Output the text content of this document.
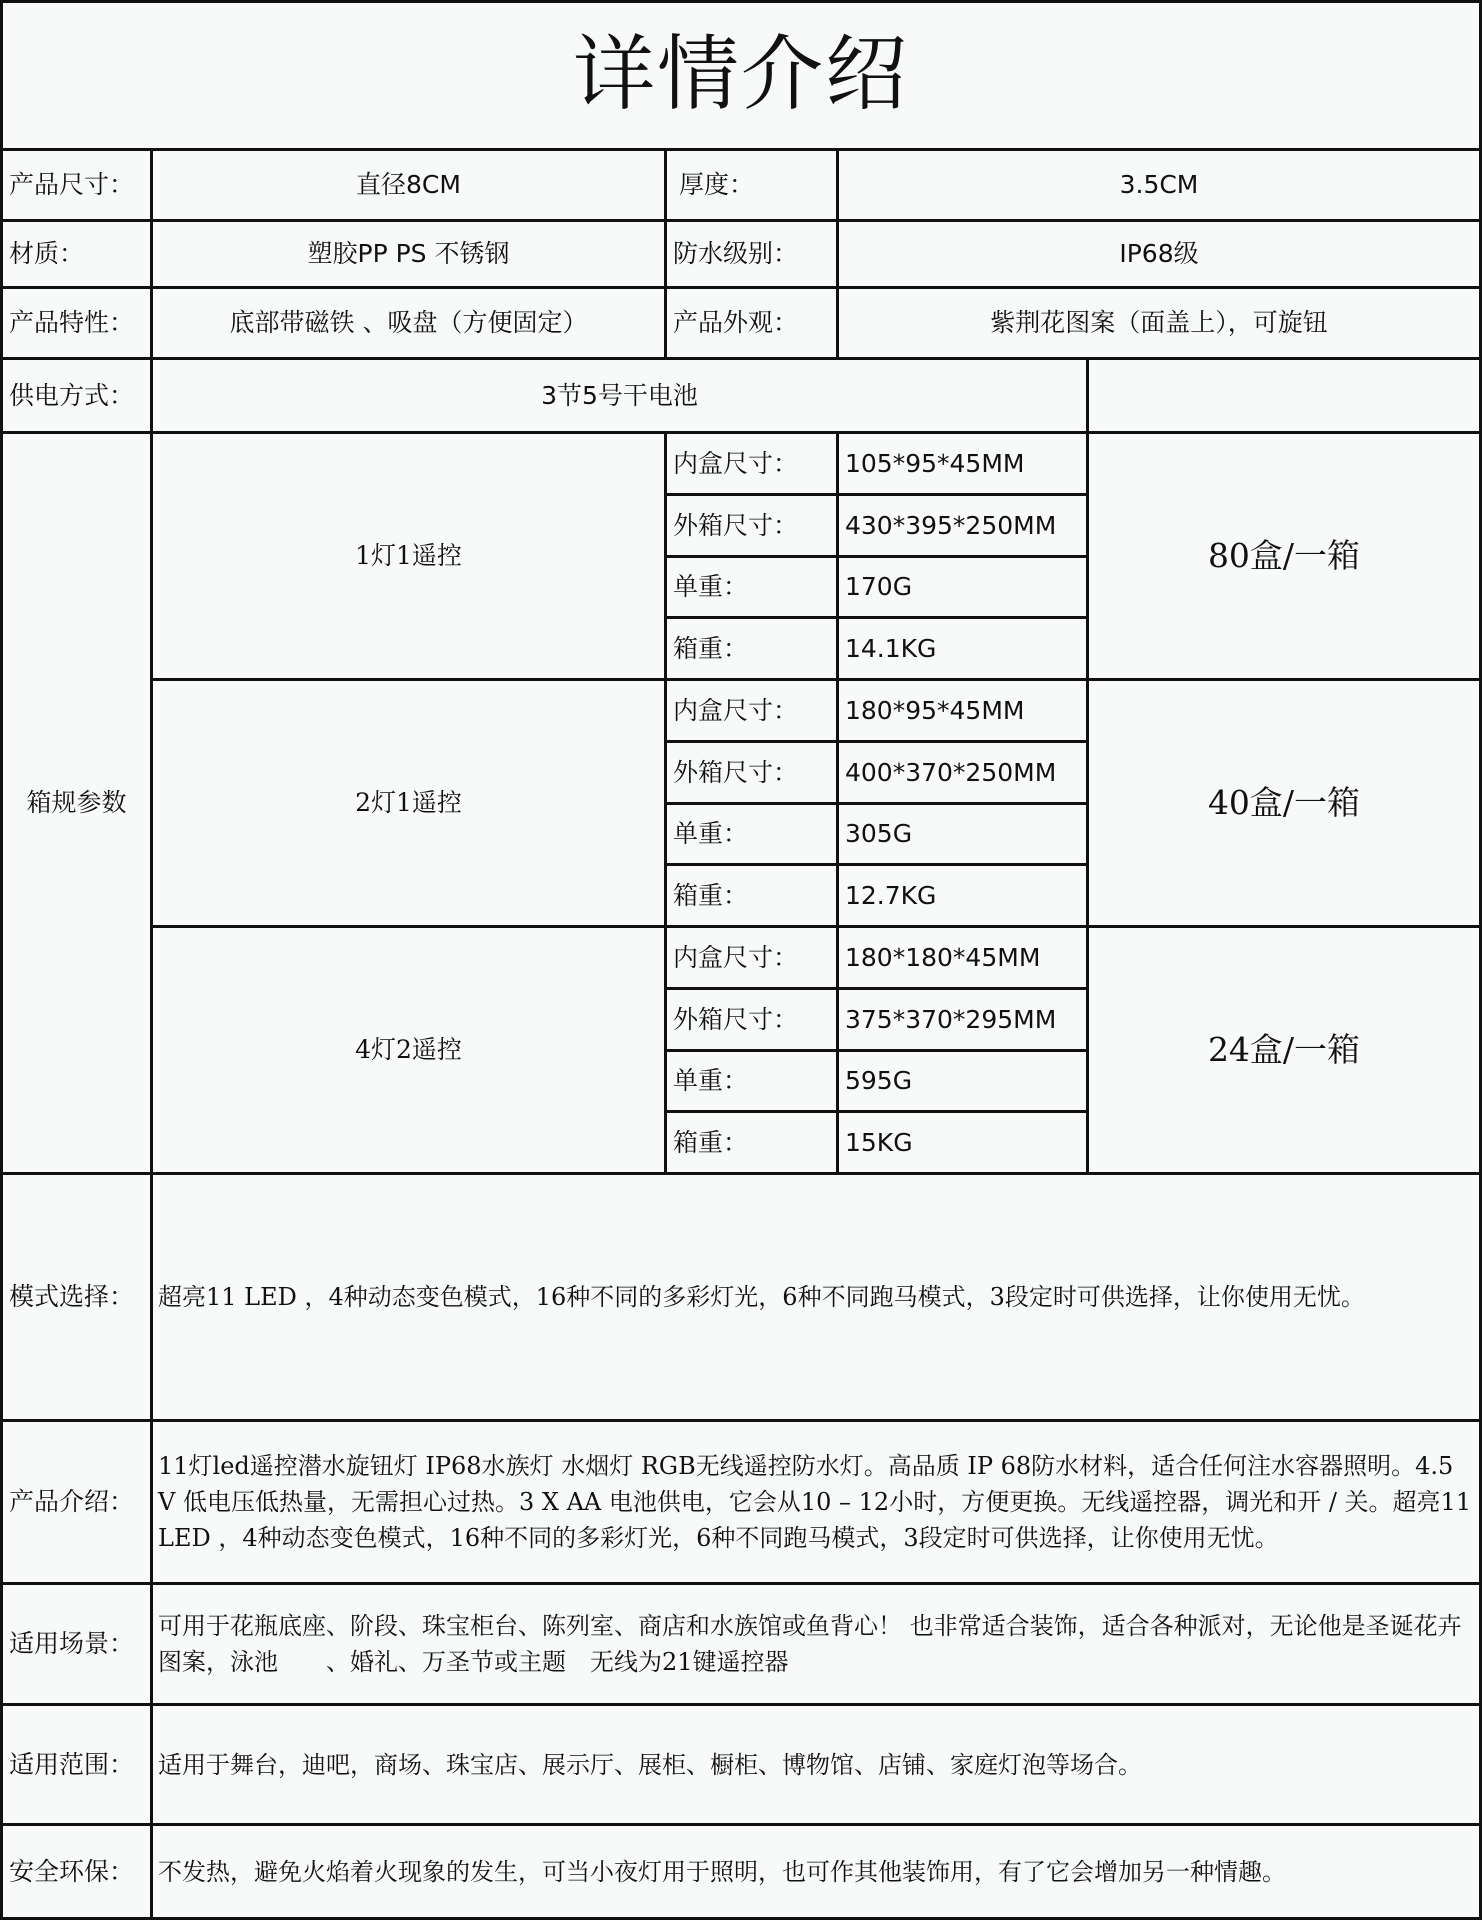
详情介绍
产品尺寸：	直径8CM	厚度：	3.5CM
材质：	塑胶PP PS 不锈钢	防水级别：	IP68级
产品特性：	底部带磁铁 、吸盘（方便固定）	产品外观：	紫荆花图案（面盖上），可旋钮
供电方式：	3节5号干电池
箱规参数
1灯1遥控	80盒/一箱
内盒尺寸：	105*95*45MM
外箱尺寸：	430*395*250MM
单重：	170G
箱重：	14.1KG
2灯1遥控	40盒/一箱
内盒尺寸：	180*95*45MM
外箱尺寸：	400*370*250MM
单重：	305G
箱重：	12.7KG
4灯2遥控	24盒/一箱
内盒尺寸：	180*180*45MM
外箱尺寸：	375*370*295MM
单重：	595G
箱重：	15KG
模式选择： 超亮11 LED ，4种动态变色模式，16种不同的多彩灯光，6种不同跑马模式，3段定时可供选择，让你使用无忧。
产品介绍：
11灯led遥控潜水旋钮灯 IP68水族灯 水烟灯 RGB无线遥控防水灯。高品质 IP 68防水材料，适合任何注水容器照明。4.5 V 低电压低热量，无需担心过热。3 X AA 电池供电，它会从10 – 12小时，方便更换。无线遥控器，调光和开 / 关。超亮11 LED ，4种动态变色模式，16种不同的多彩灯光，6种不同跑马模式，3段定时可供选择，让你使用无忧。
适用场景：
可用于花瓶底座、阶段、珠宝柜台、陈列室、商店和水族馆或鱼背心！ 也非常适合装饰，适合各种派对，无论他是圣诞花卉图案，泳池　　、婚礼、万圣节或主题　无线为21键遥控器
适用范围： 适用于舞台，迪吧，商场、珠宝店、展示厅、展柜、橱柜、博物馆、店铺、家庭灯泡等场合。
安全环保： 不发热，避免火焰着火现象的发生，可当小夜灯用于照明，也可作其他装饰用，有了它会增加另一种情趣。
